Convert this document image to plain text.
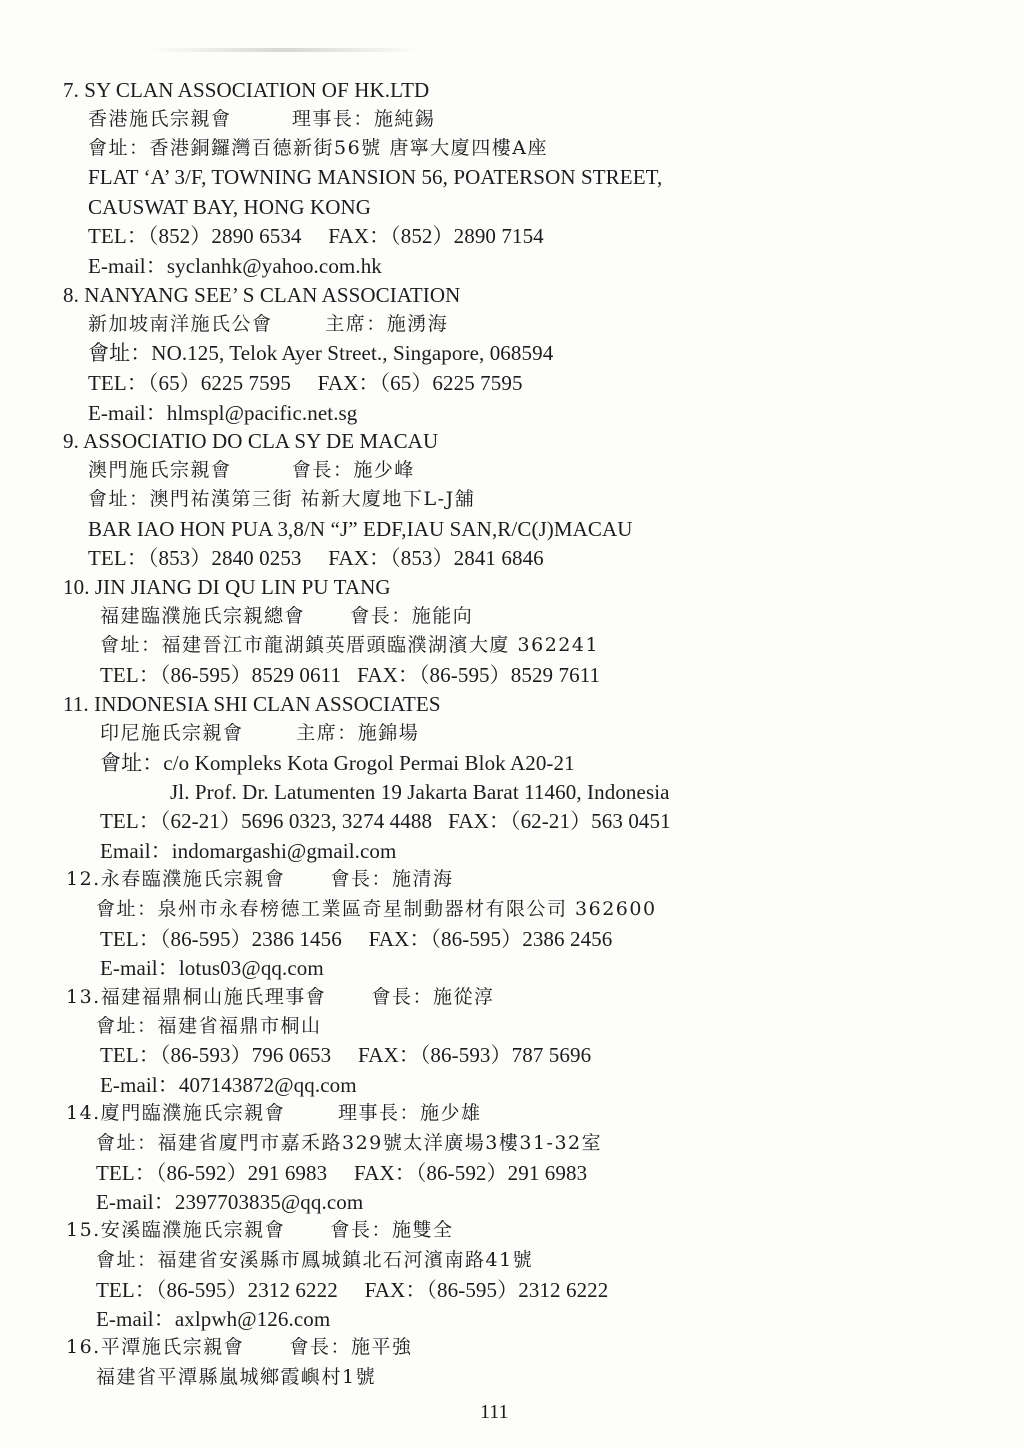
7. SY CLAN ASSOCIATION OF HK.LTD
香港施氏宗親會        理事長：施純錫
會址：香港銅鑼灣百德新街56號 唐寧大廈四樓A座
FLAT ‘A’ 3/F, TOWNING MANSION 56, POATERSON STREET,
CAUSWAT BAY, HONG KONG
TEL：（852）2890 6534     FAX：（852）2890 7154
E-mail：syclanhk@yahoo.com.hk
8. NANYANG SEE’ S CLAN ASSOCIATION
新加坡南洋施氏公會       主席：施湧海
會址：NO.125, Telok Ayer Street., Singapore, 068594
TEL：（65）6225 7595     FAX：（65）6225 7595
E-mail：hlmspl@pacific.net.sg
9. ASSOCIATIO DO CLA SY DE MACAU
澳門施氏宗親會        會長：施少峰
會址：澳門祐漢第三街 祐新大廈地下L-J舖
BAR IAO HON PUA 3,8/N “J” EDF,IAU SAN,R/C(J)MACAU
TEL：（853）2840 0253     FAX：（853）2841 6846
10. JIN JIANG DI QU LIN PU TANG
福建臨濮施氏宗親總會      會長：施能向
會址：福建晉江市龍湖鎮英厝頭臨濮湖濱大廈 362241
TEL：（86-595）8529 0611   FAX：（86-595）8529 7611
11. INDONESIA SHI CLAN ASSOCIATES
印尼施氏宗親會       主席：施錦場
會址：c/o Kompleks Kota Grogol Permai Blok A20-21
Jl. Prof. Dr. Latumenten 19 Jakarta Barat 11460, Indonesia
TEL：（62-21）5696 0323, 3274 4488   FAX：（62-21）563 0451
Email：indomargashi@gmail.com
12.永春臨濮施氏宗親會      會長：施清海
會址：泉州市永春榜德工業區奇星制動器材有限公司 362600
TEL：（86-595）2386 1456     FAX：（86-595）2386 2456
E-mail：lotus03@qq.com
13.福建福鼎桐山施氏理事會      會長：施從淳
會址：福建省福鼎市桐山
TEL：（86-593）796 0653     FAX：（86-593）787 5696
E-mail：407143872@qq.com
14.廈門臨濮施氏宗親會       理事長：施少雄
會址：福建省廈門市嘉禾路329號太洋廣場3樓31-32室
TEL：（86-592）291 6983     FAX：（86-592）291 6983
E-mail：2397703835@qq.com
15.安溪臨濮施氏宗親會      會長：施雙全
會址：福建省安溪縣市鳳城鎮北石河濱南路41號
TEL：（86-595）2312 6222     FAX：（86-595）2312 6222
E-mail：axlpwh@126.com
16.平潭施氏宗親會      會長：施平強
福建省平潭縣嵐城鄉霞嶼村1號
111
